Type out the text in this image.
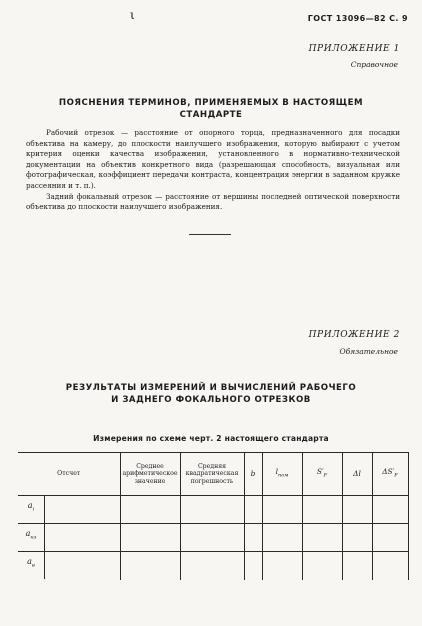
ГОСТ 13096—82 С. 9
ι
ПРИЛОЖЕНИЕ 1
Справочное
ПОЯСНЕНИЯ ТЕРМИНОВ, ПРИМЕНЯЕМЫХ В НАСТОЯЩЕМ
СТАНДАРТЕ

Рабочий отрезок — расстояние от опорного торца, предназначенного для посадки объектива на камеру, до плоскости наилучшего изображения, которую выбирают с учетом критерия оценки качества изображения, установленного в нормативно-технической документации на объектив конкретного вида (разрешающая способность, визуальная или фотографическая, коэффициент передачи контраста, концентрация энергии в заданном кружке рассеяния и т. п.).

Задний фокальный отрезок — расстояние от вершины последней оптической поверхности объектива до плоскости наилучшего изображения.

ПРИЛОЖЕНИЕ 2
Обязательное
РЕЗУЛЬТАТЫ ИЗМЕРЕНИЙ И ВЫЧИСЛЕНИЙ РАБОЧЕГО
И ЗАДНЕГО ФОКАЛЬНОГО ОТРЕЗКОВ
Измерения по схеме черт. 2 настоящего стандарта
Отсчет	Среднее арифметическое значение	Средняя квадратическая погрешность	b	$l_{пом}$	$S'_F$	Δl	$\Delta S'_F$

$a_i$
$a_{нз}$
$a_в$
